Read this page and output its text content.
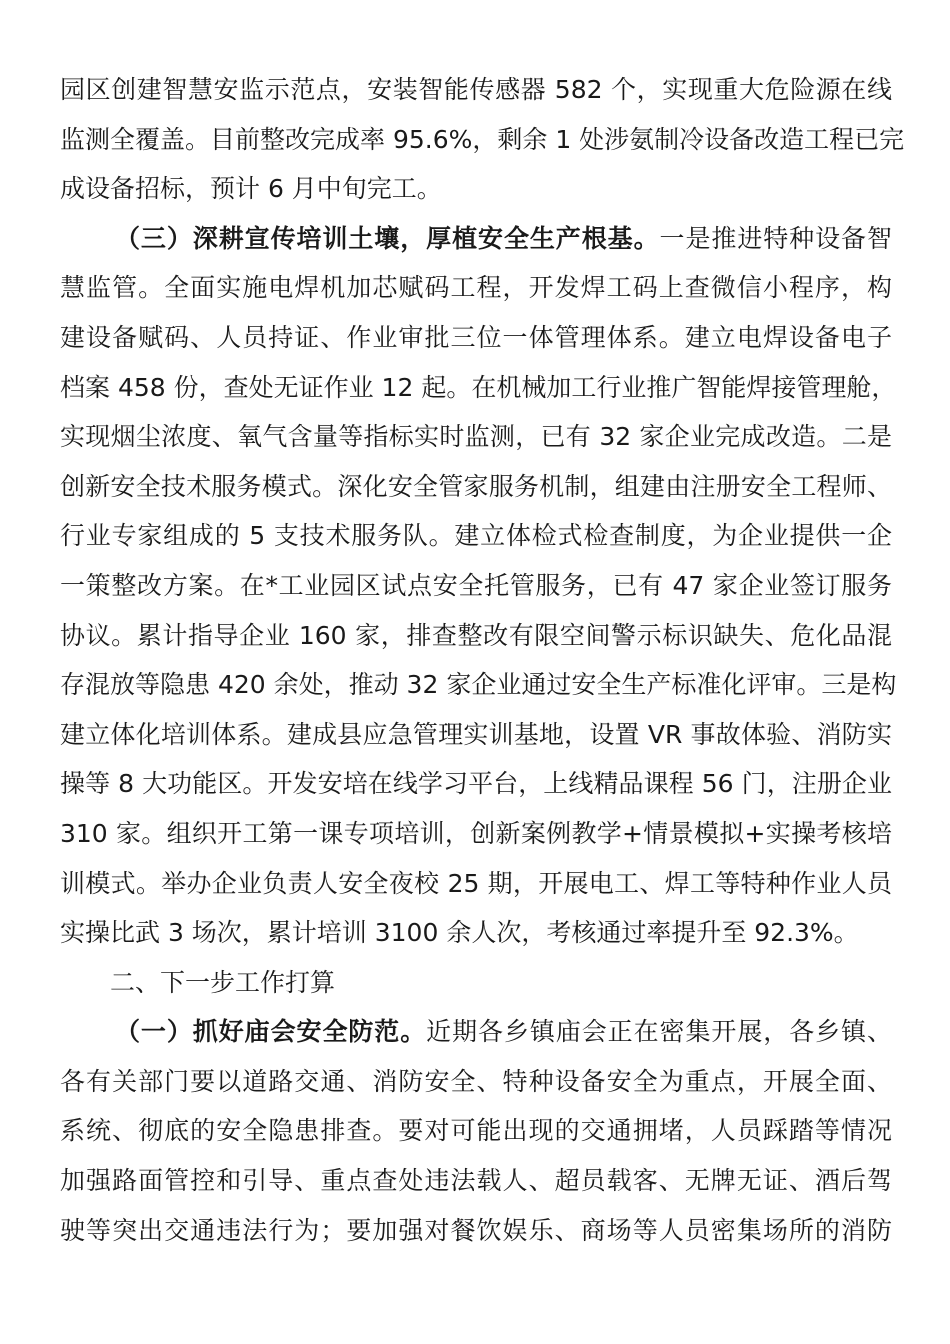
园区创建智慧安监示范点，安装智能传感器 582 个，实现重大危险源在线
监测全覆盖。目前整改完成率 95.6%，剩余 1 处涉氨制冷设备改造工程已完
成设备招标，预计 6 月中旬完工。
（三）深耕宣传培训土壤，厚植安全生产根基。一是推进特种设备智
慧监管。全面实施电焊机加芯赋码工程，开发焊工码上查微信小程序，构
建设备赋码、人员持证、作业审批三位一体管理体系。建立电焊设备电子
档案 458 份，查处无证作业 12 起。在机械加工行业推广智能焊接管理舱，
实现烟尘浓度、氧气含量等指标实时监测，已有 32 家企业完成改造。二是
创新安全技术服务模式。深化安全管家服务机制，组建由注册安全工程师、
行业专家组成的 5 支技术服务队。建立体检式检查制度，为企业提供一企
一策整改方案。在*工业园区试点安全托管服务，已有 47 家企业签订服务
协议。累计指导企业 160 家，排查整改有限空间警示标识缺失、危化品混
存混放等隐患 420 余处，推动 32 家企业通过安全生产标准化评审。三是构
建立体化培训体系。建成县应急管理实训基地，设置 VR 事故体验、消防实
操等 8 大功能区。开发安培在线学习平台，上线精品课程 56 门，注册企业
310 家。组织开工第一课专项培训，创新案例教学+情景模拟+实操考核培
训模式。举办企业负责人安全夜校 25 期，开展电工、焊工等特种作业人员
实操比武 3 场次，累计培训 3100 余人次，考核通过率提升至 92.3%。
二、下一步工作打算
（一）抓好庙会安全防范。近期各乡镇庙会正在密集开展，各乡镇、
各有关部门要以道路交通、消防安全、特种设备安全为重点，开展全面、
系统、彻底的安全隐患排查。要对可能出现的交通拥堵，人员踩踏等情况
加强路面管控和引导、重点查处违法载人、超员载客、无牌无证、酒后驾
驶等突出交通违法行为；要加强对餐饮娱乐、商场等人员密集场所的消防
